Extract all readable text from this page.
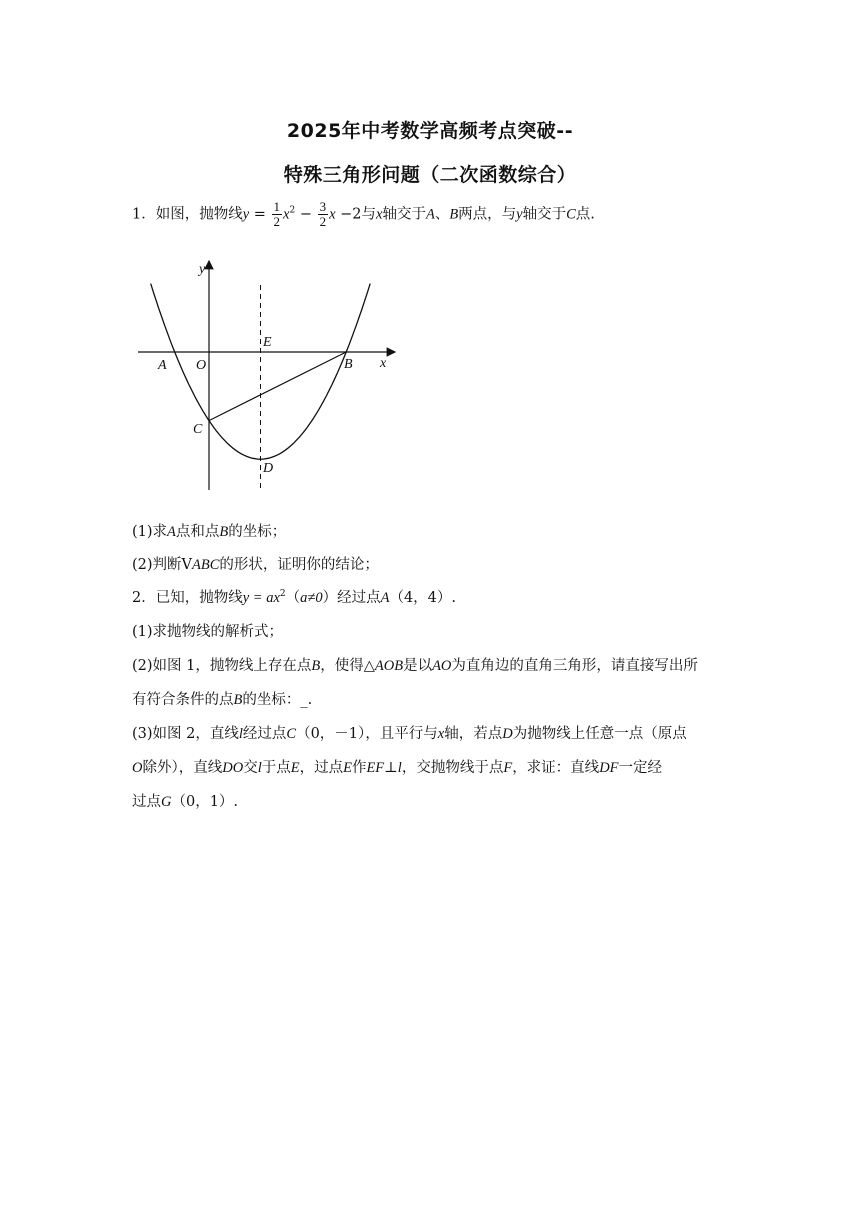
2025年中考数学高频考点突破--
特殊三角形问题（二次函数综合）
1．如图，抛物线$y = \frac{1}{2} x^2 - \frac{3}{2}$ x −2与x轴交于A、B两点，与y轴交于C点.
y
x
A O
E
B
C
D
(1)求A点和点B的坐标；
(2)判断VABC的形状，证明你的结论；
2．已知，抛物线$y = ax^2(a\ne 0)$经过点A（4，4）.
(1)求抛物线的解析式；
(2)如图 1，抛物线上存在点B，使得△AOB是以AO为直角边的直角三角形，请直接写出所
有符合条件的点B的坐标：_.
(3)如图 2，直线l经过点C（0，－1），且平行与x轴，若点D为抛物线上任意一点（原点
O除外），直线DO交l于点E，过点E作EF⊥l，交抛物线于点F，求证：直线DF一定经
过点G（0，1）.
